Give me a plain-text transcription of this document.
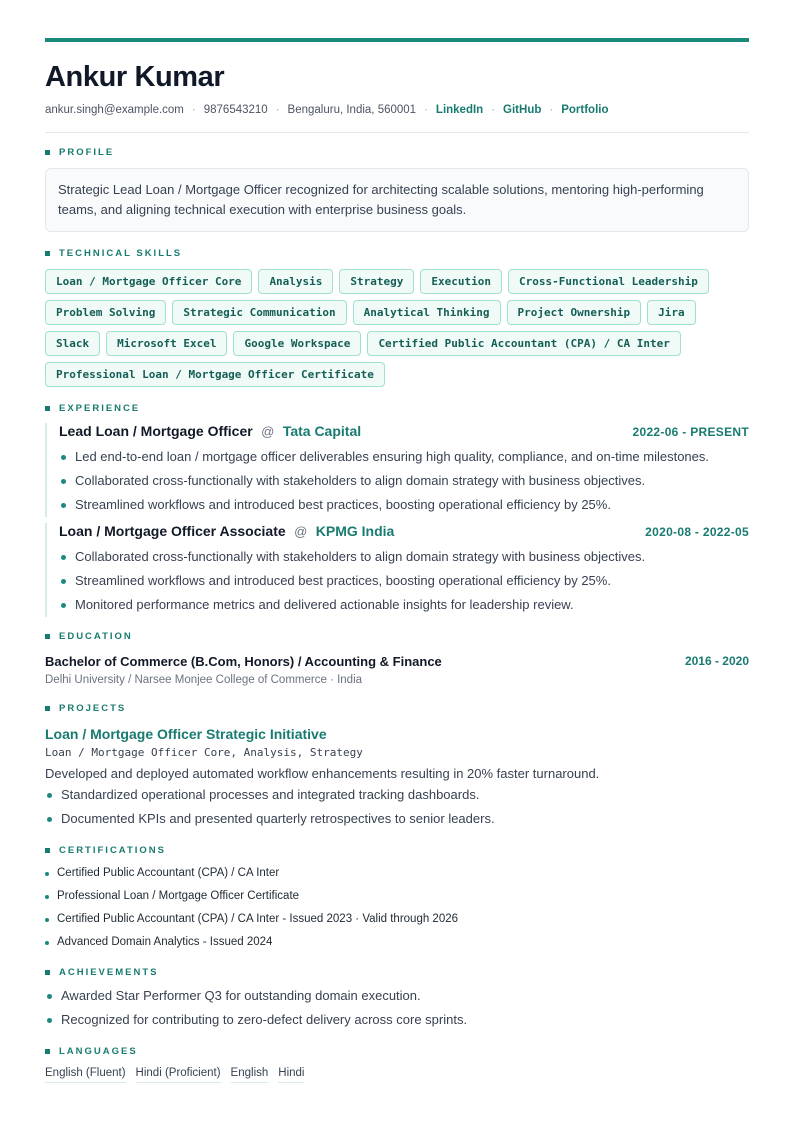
Ankur Kumar
ankur.singh@example.com · 9876543210 · Bengaluru, India, 560001 · LinkedIn · GitHub · Portfolio
PROFILE
Strategic Lead Loan / Mortgage Officer recognized for architecting scalable solutions, mentoring high-performing teams, and aligning technical execution with enterprise business goals.
TECHNICAL SKILLS
Loan / Mortgage Officer Core	Analysis	Strategy	Execution	Cross-Functional Leadership
Problem Solving	Strategic Communication	Analytical Thinking	Project Ownership	Jira
Slack	Microsoft Excel	Google Workspace	Certified Public Accountant (CPA) / CA Inter
Professional Loan / Mortgage Officer Certificate
EXPERIENCE
Lead Loan / Mortgage Officer @ Tata Capital	2022-06 - PRESENT
Led end-to-end loan / mortgage officer deliverables ensuring high quality, compliance, and on-time milestones.
Collaborated cross-functionally with stakeholders to align domain strategy with business objectives.
Streamlined workflows and introduced best practices, boosting operational efficiency by 25%.
Loan / Mortgage Officer Associate @ KPMG India	2020-08 - 2022-05
Collaborated cross-functionally with stakeholders to align domain strategy with business objectives.
Streamlined workflows and introduced best practices, boosting operational efficiency by 25%.
Monitored performance metrics and delivered actionable insights for leadership review.
EDUCATION
Bachelor of Commerce (B.Com, Honors) / Accounting & Finance	2016 - 2020
Delhi University / Narsee Monjee College of Commerce · India
PROJECTS
Loan / Mortgage Officer Strategic Initiative
Loan / Mortgage Officer Core, Analysis, Strategy
Developed and deployed automated workflow enhancements resulting in 20% faster turnaround.
Standardized operational processes and integrated tracking dashboards.
Documented KPIs and presented quarterly retrospectives to senior leaders.
CERTIFICATIONS
Certified Public Accountant (CPA) / CA Inter
Professional Loan / Mortgage Officer Certificate
Certified Public Accountant (CPA) / CA Inter - Issued 2023 · Valid through 2026
Advanced Domain Analytics - Issued 2024
ACHIEVEMENTS
Awarded Star Performer Q3 for outstanding domain execution.
Recognized for contributing to zero-defect delivery across core sprints.
LANGUAGES
English (Fluent) Hindi (Proficient) English Hindi
